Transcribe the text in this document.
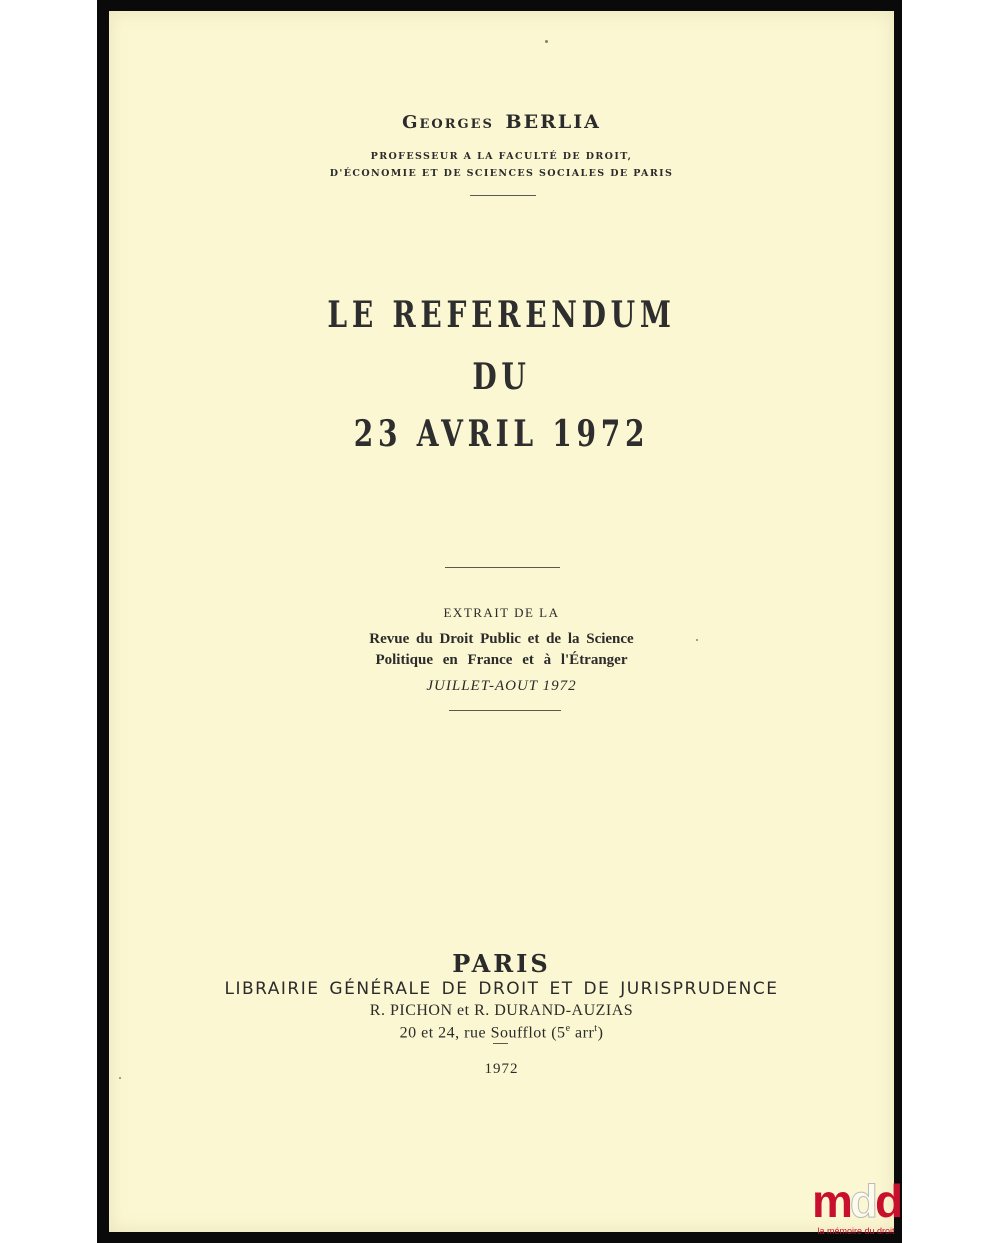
Georges BERLIA
PROFESSEUR A LA FACULTÉ DE DROIT,
D'ÉCONOMIE ET DE SCIENCES SOCIALES DE PARIS
LE REFERENDUM
DU
23 AVRIL 1972
EXTRAIT DE LA
Revue du Droit Public et de la Science
Politique en France et à l'Étranger
JUILLET-AOUT 1972
PARIS
LIBRAIRIE GÉNÉRALE DE DROIT ET DE JURISPRUDENCE
R. PICHON et R. DURAND-AUZIAS
20 et 24, rue Soufflot (5e arr$^t$)
1972
mdd
la mémoire du droit
